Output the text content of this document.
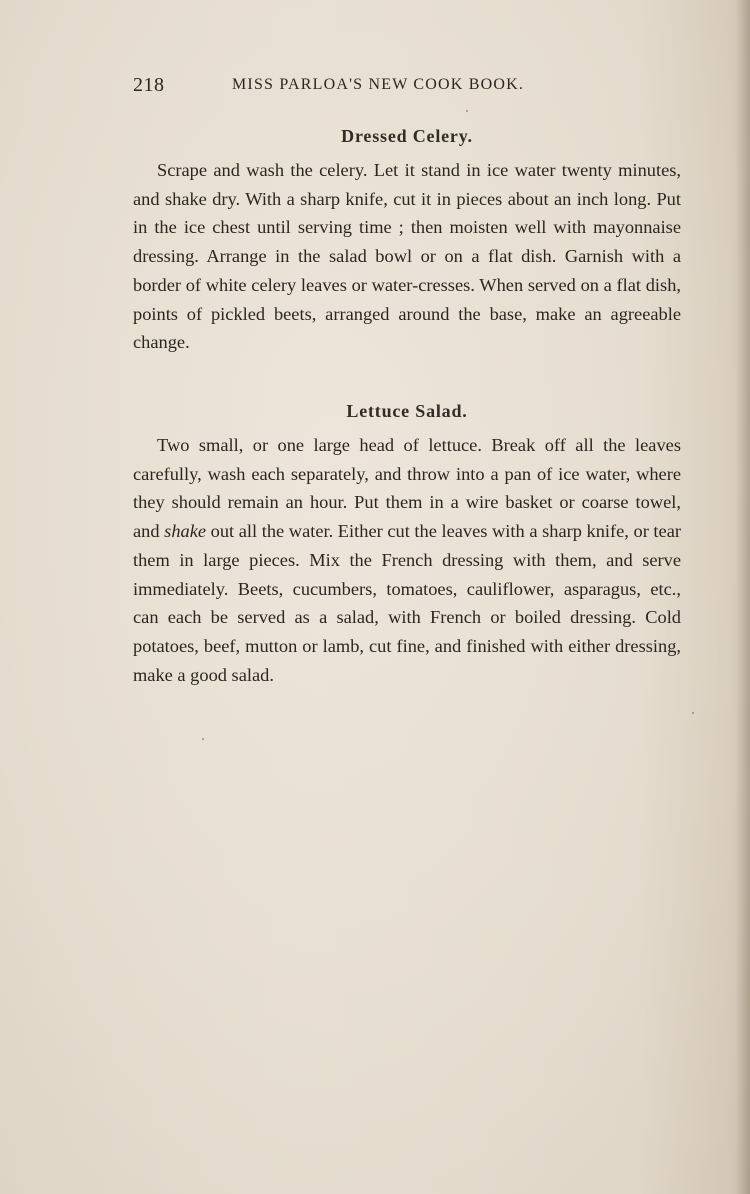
218	MISS PARLOA'S NEW COOK BOOK.
Dressed Celery.

Scrape and wash the celery. Let it stand in ice water twenty minutes, and shake dry. With a sharp knife, cut it in pieces about an inch long. Put in the ice chest until serving time ; then moisten well with mayonnaise dressing. Arrange in the salad bowl or on a flat dish. Garnish with a border of white celery leaves or water-cresses. When served on a flat dish, points of pickled beets, arranged around the base, make an agreeable change.

Lettuce Salad.

Two small, or one large head of lettuce. Break off all the leaves carefully, wash each separately, and throw into a pan of ice water, where they should remain an hour. Put them in a wire basket or coarse towel, and shake out all the water. Either cut the leaves with a sharp knife, or tear them in large pieces. Mix the French dressing with them, and serve immediately. Beets, cucumbers, tomatoes, cauliflower, asparagus, etc., can each be served as a salad, with French or boiled dressing. Cold potatoes, beef, mutton or lamb, cut fine, and finished with either dressing, make a good salad.
